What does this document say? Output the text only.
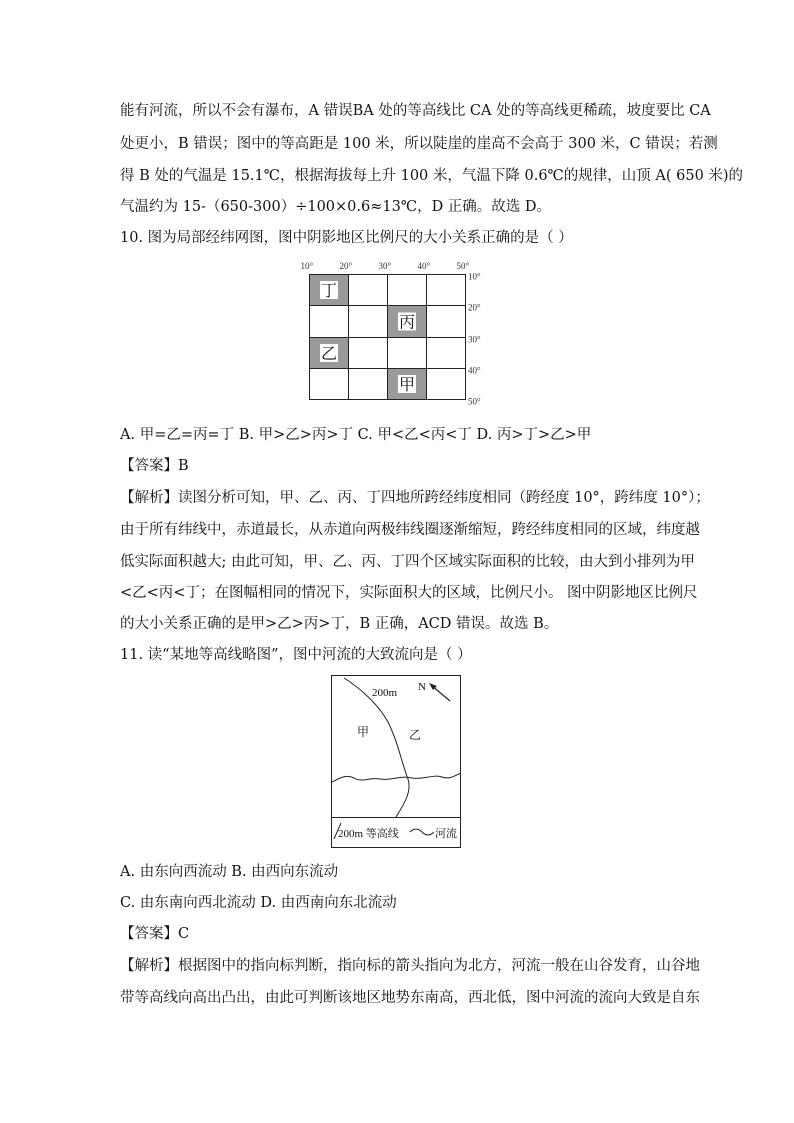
能有河流，所以不会有瀑布，A 错误BA 处的等高线比 CA 处的等高线更稀疏，坡度要比 CA
处更小，B 错误；图中的等高距是 100 米，所以陡崖的崖高不会高于 300 米，C 错误；若测
得 B 处的气温是 15.1℃，根据海拔每上升 100 米，气温下降 0.6℃的规律，山顶 A( 650 米)的
气温约为 15-（650-300）÷100×0.6≈13℃，D 正确。故选 D。
10. 图为局部经纬网图，图中阴影地区比例尺的大小关系正确的是（ ）
10°	20°	30°	40°	50°
10°
20°
30°
40°
50°
丁
丙
乙
甲
A. 甲=乙=丙=丁 B. 甲>乙>丙>丁 C. 甲<乙<丙<丁 D. 丙>丁>乙>甲
【答案】B
【解析】读图分析可知，甲、乙、丙、丁四地所跨经纬度相同（跨经度 10°，跨纬度 10°）；
由于所有纬线中，赤道最长，从赤道向两极纬线圈逐渐缩短，跨经纬度相同的区域，纬度越
低实际面积越大; 由此可知，甲、乙、丙、丁四个区域实际面积的比较，由大到小排列为甲
<乙<丙<丁；在图幅相同的情况下，实际面积大的区域，比例尺小。 图中阴影地区比例尺
的大小关系正确的是甲>乙>丙>丁，B 正确，ACD 错误。故选 B。
11. 读“某地等高线略图”，图中河流的大致流向是（ ）
200m N
甲	乙
200m 等高线	河流
A. 由东向西流动 B. 由西向东流动
C. 由东南向西北流动 D. 由西南向东北流动
【答案】C
【解析】根据图中的指向标判断，指向标的箭头指向为北方，河流一般在山谷发育，山谷地
带等高线向高出凸出，由此可判断该地区地势东南高，西北低，图中河流的流向大致是自东
